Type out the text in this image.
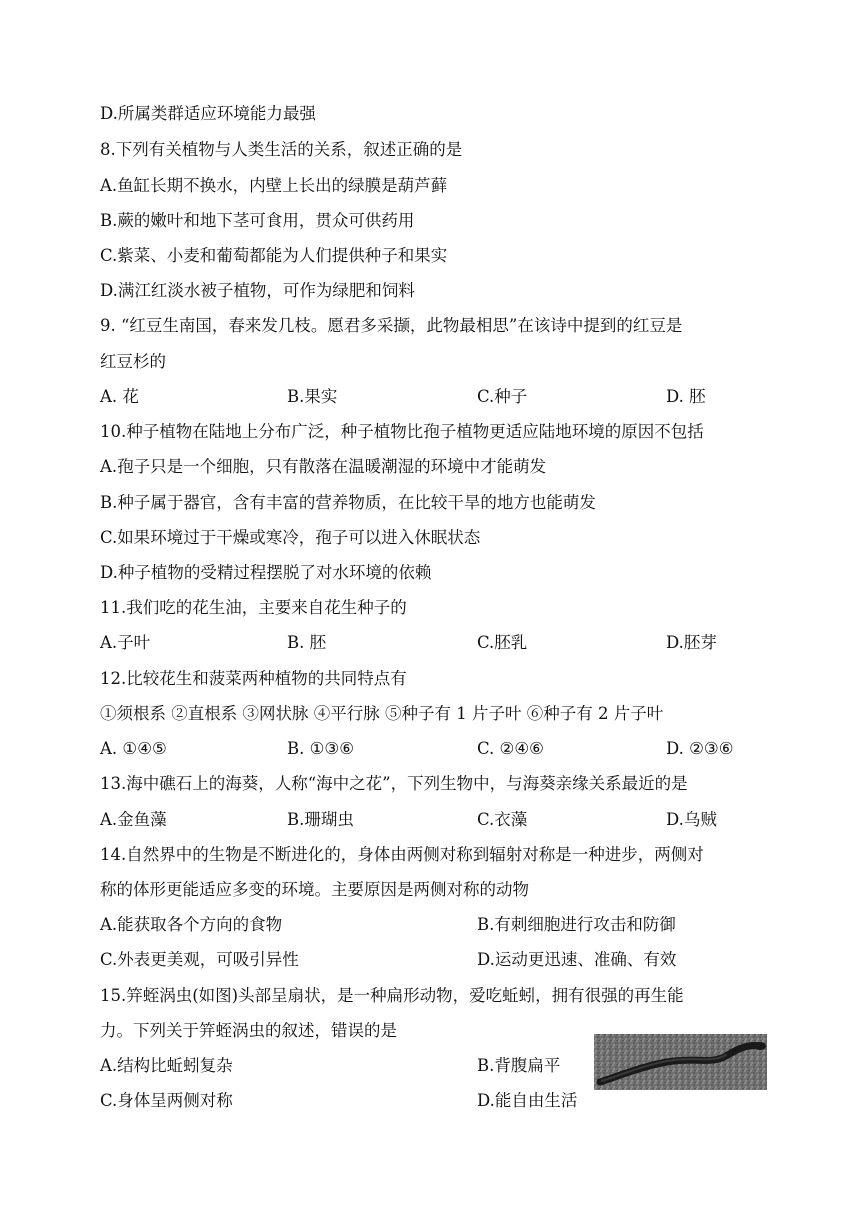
D.所属类群适应环境能力最强
8.下列有关植物与人类生活的关系，叙述正确的是
A.鱼缸长期不换水，内壁上长出的绿膜是葫芦藓
B.蕨的嫩叶和地下茎可食用，贯众可供药用
C.紫菜、小麦和葡萄都能为人们提供种子和果实
D.满江红淡水被子植物，可作为绿肥和饲料
9. “红豆生南国，春来发几枝。愿君多采撷，此物最相思”在该诗中提到的红豆是
红豆杉的
A. 花	B.果实	C.种子	D. 胚
10.种子植物在陆地上分布广泛，种子植物比孢子植物更适应陆地环境的原因不包括
A.孢子只是一个细胞，只有散落在温暖潮湿的环境中才能萌发
B.种子属于器官，含有丰富的营养物质，在比较干旱的地方也能萌发
C.如果环境过于干燥或寒冷，孢子可以进入休眠状态
D.种子植物的受精过程摆脱了对水环境的依赖
11.我们吃的花生油，主要来自花生种子的
A.子叶	B. 胚	C.胚乳	D.胚芽
12.比较花生和菠菜两种植物的共同特点有
①须根系 ②直根系 ③网状脉 ④平行脉 ⑤种子有 1 片子叶 ⑥种子有 2 片子叶
A. ①④⑤	B. ①③⑥	C. ②④⑥	D. ②③⑥
13.海中礁石上的海葵，人称“海中之花”，下列生物中，与海葵亲缘关系最近的是
A.金鱼藻	B.珊瑚虫	C.衣藻	D.乌贼
14.自然界中的生物是不断进化的，身体由两侧对称到辐射对称是一种进步，两侧对
称的体形更能适应多变的环境。主要原因是两侧对称的动物
A.能获取各个方向的食物	B.有刺细胞进行攻击和防御
C.外表更美观，可吸引异性	D.运动更迅速、准确、有效
15.笄蛭涡虫(如图)头部呈扇状，是一种扁形动物，爱吃蚯蚓，拥有很强的再生能
力。下列关于笄蛭涡虫的叙述，错误的是
A.结构比蚯蚓复杂	B.背腹扁平
C.身体呈两侧对称	D.能自由生活
